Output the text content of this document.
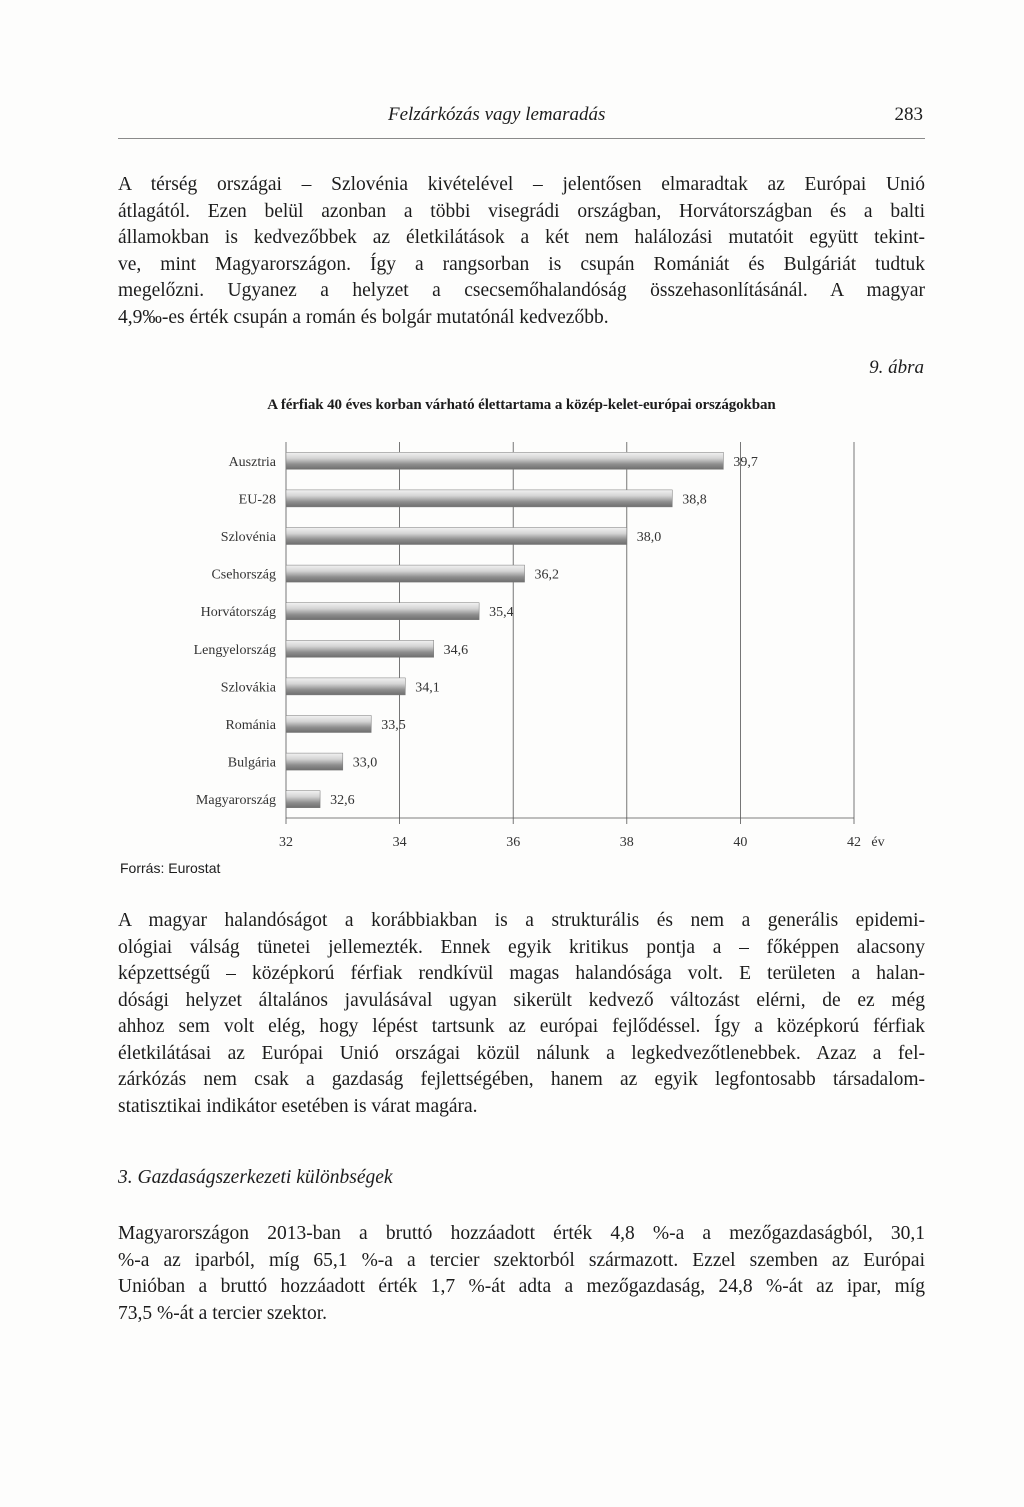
Felzárkózás vagy lemaradás	283
A térség országai – Szlovénia kivételével – jelentősen elmaradtak az Európai Unió
átlagától. Ezen belül azonban a többi visegrádi országban, Horvátországban és a balti
államokban is kedvezőbbek az életkilátások a két nem halálozási mutatóit együtt tekint-
ve, mint Magyarországon. Így a rangsorban is csupán Romániát és Bulgáriát tudtuk
megelőzni. Ugyanez a helyzet a csecsemőhalandóság összehasonlításánál. A magyar
4,9‰-es érték csupán a román és bolgár mutatónál kedvezőbb.
9. ábra
A férfiak 40 éves korban várható élettartama a közép-kelet-európai országokban
32	34	36	38	40	42 év
Ausztria	39,7
EU-28	38,8
Szlovénia	38,0
Csehország	36,2
Horvátország	35,4
Lengyelország	34,6
Szlovákia	34,1
Románia	33,5
Bulgária	33,0
Magyarország	32,6
Forrás: Eurostat
A magyar halandóságot a korábbiakban is a strukturális és nem a generális epidemi-
ológiai válság tünetei jellemezték. Ennek egyik kritikus pontja a – főképpen alacsony
képzettségű – középkorú férfiak rendkívül magas halandósága volt. E területen a halan-
dósági helyzet általános javulásával ugyan sikerült kedvező változást elérni, de ez még
ahhoz sem volt elég, hogy lépést tartsunk az európai fejlődéssel. Így a középkorú férfiak
életkilátásai az Európai Unió országai közül nálunk a legkedvezőtlenebbek. Azaz a fel-
zárkózás nem csak a gazdaság fejlettségében, hanem az egyik legfontosabb társadalom-
statisztikai indikátor esetében is várat magára.
3. Gazdaságszerkezeti különbségek
Magyarországon 2013-ban a bruttó hozzáadott érték 4,8 %-a a mezőgazdaságból, 30,1
%-a az iparból, míg 65,1 %-a a tercier szektorból származott. Ezzel szemben az Európai
Unióban a bruttó hozzáadott érték 1,7 %-át adta a mezőgazdaság, 24,8 %-át az ipar, míg
73,5 %-át a tercier szektor.
